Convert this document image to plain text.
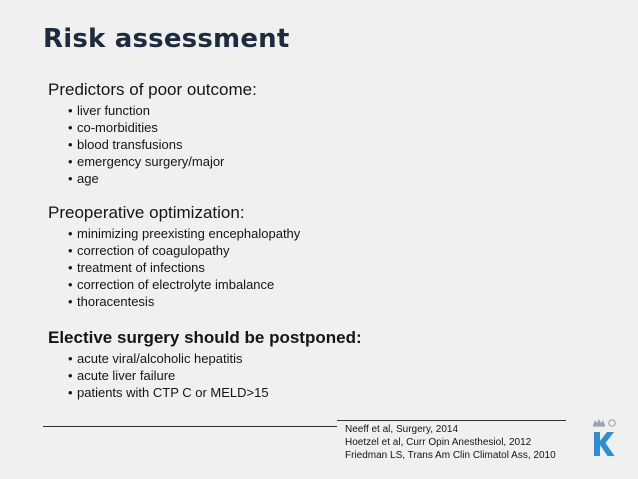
Risk assessment
Predictors of poor outcome:
• liver function
• co-morbidities
• blood transfusions
• emergency surgery/major
• age
Preoperative optimization:
• minimizing preexisting encephalopathy
• correction of coagulopathy
• treatment of infections
• correction of electrolyte imbalance
• thoracentesis
Elective surgery should be postponed:
• acute viral/alcoholic hepatitis
• acute liver failure
• patients with CTP C or MELD>15
Neeff et al, Surgery, 2014
Hoetzel et al, Curr Opin Anesthesiol, 2012
Friedman LS, Trans Am Clin Climatol Ass, 2010
